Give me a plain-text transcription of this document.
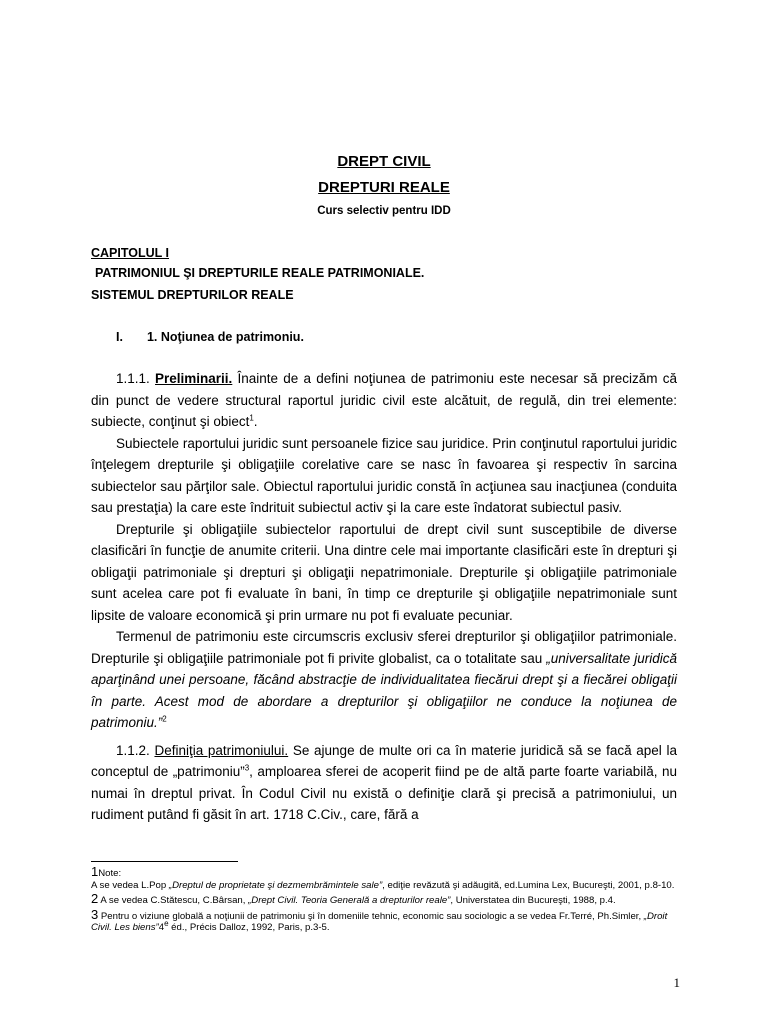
DREPT CIVIL
DREPTURI REALE
Curs selectiv pentru IDD
CAPITOLUL I
PATRIMONIUL ŞI DREPTURILE REALE PATRIMONIALE.
SISTEMUL DREPTURILOR REALE
I. 1. Noţiunea de patrimoniu.

1.1.1. Preliminarii. Înainte de a defini noţiunea de patrimoniu este necesar să precizăm că din punct de vedere structural raportul juridic civil este alcătuit, de regulă, din trei elemente: subiecte, conţinut şi obiect$^1$.

Subiectele raportului juridic sunt persoanele fizice sau juridice. Prin conţinutul raportului juridic înţelegem drepturile şi obligaţiile corelative care se nasc în favoarea şi respectiv în sarcina subiectelor sau părţilor sale. Obiectul raportului juridic constă în acţiunea sau inacţiunea (conduita sau prestaţia) la care este îndrituit subiectul activ şi la care este îndatorat subiectul pasiv.

Drepturile şi obligaţiile subiectelor raportului de drept civil sunt susceptibile de diverse clasificări în funcţie de anumite criterii. Una dintre cele mai importante clasificări este în drepturi şi obligaţii patrimoniale şi drepturi şi obligaţii nepatrimoniale. Drepturile şi obligaţiile patrimoniale sunt acelea care pot fi evaluate în bani, în timp ce drepturile şi obligaţiile nepatrimoniale sunt lipsite de valoare economică şi prin urmare nu pot fi evaluate pecuniar.

Termenul de patrimoniu este circumscris exclusiv sferei drepturilor şi obligaţiilor patrimoniale. Drepturile şi obligaţiile patrimoniale pot fi privite globalist, ca o totalitate sau „universalitate juridică aparţinând unei persoane, făcând abstracţie de individualitatea fiecărui drept şi a fiecărei obligaţii în parte. Acest mod de abordare a drepturilor şi obligaţiilor ne conduce la noţiunea de patrimoniu.”$^2$

1.1.2. Definiţia patrimoniului. Se ajunge de multe ori ca în materie juridică să se facă apel la conceptul de „patrimoniu”$^3$, amploarea sferei de acoperit fiind pe de altă parte foarte variabilă, nu numai în dreptul privat. În Codul Civil nu există o definiţie clară şi precisă a patrimoniului, un rudiment putând fi găsit în art. 1718 C.Civ., care, fără a

1Note:
A se vedea L.Pop „Dreptul de proprietate şi dezmembrămintele sale”, ediţie revăzută şi adăugită, ed.Lumina Lex, Bucureşti, 2001, p.8-10.
2 A se vedea C.Stătescu, C.Bârsan, „Drept Civil. Teoria Generală a drepturilor reale”, Universtatea din Bucureşti, 1988, p.4.
3 Pentru o viziune globală a noţiunii de patrimoniu şi în domeniile tehnic, economic sau sociologic a se vedea Fr.Terré, Ph.Simler, „Droit Civil. Les biens”4e éd., Précis Dalloz, 1992, Paris, p.3-5.
1
